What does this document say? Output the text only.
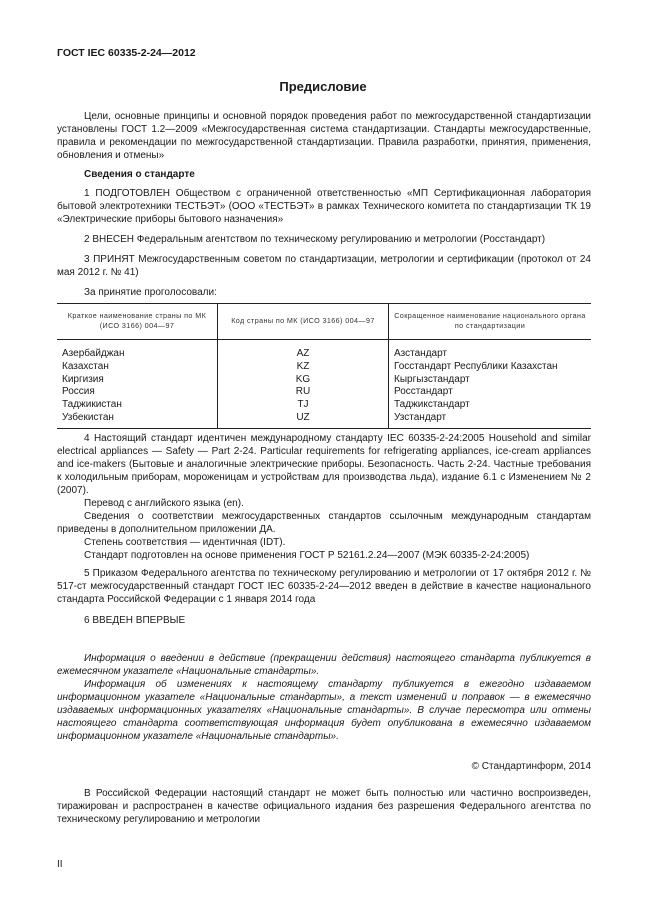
ГОСТ IEC 60335-2-24—2012
Предисловие

Цели, основные принципы и основной порядок проведения работ по межгосударственной стандартизации установлены ГОСТ 1.2—2009 «Межгосударственная система стандартизации. Стандарты межгосударственные, правила и рекомендации по межгосударственной стандартизации. Правила разработки, принятия, применения, обновления и отмены»

Сведения о стандарте

1 ПОДГОТОВЛЕН Обществом с ограниченной ответственностью «МП Сертификационная лаборатория бытовой электротехники ТЕСТБЭТ» (ООО «ТЕСТБЭТ» в рамках Технического комитета по стандартизации ТК 19 «Электрические приборы бытового назначения»

2 ВНЕСЕН Федеральным агентством по техническому регулированию и метрологии (Росстандарт)

3 ПРИНЯТ Межгосударственным советом по стандартизации, метрологии и сертификации (протокол от 24 мая 2012 г. № 41)

За принятие проголосовали:

Краткое наименование страны по МК (ИСО 3166) 004—97	Код страны по МК (ИСО 3166) 004—97	Сокращенное наименование национального органа по стандартизации
Азербайджан	AZ	Азстандарт
Казахстан	KZ	Госстандарт Республики Казахстан
Киргизия	KG	Кыргызстандарт
Россия	RU	Росстандарт
Таджикистан	TJ	Таджикстандарт
Узбекистан	UZ	Узстандарт

4 Настоящий стандарт идентичен международному стандарту IEC 60335-2-24:2005 Household and similar electrical appliances — Safety — Part 2-24. Particular requirements for refrigerating appliances, ice-cream appliances and ice-makers (Бытовые и аналогичные электрические приборы. Безопасность. Часть 2-24. Частные требования к холодильным приборам, мороженицам и устройствам для производства льда), издание 6.1 с Изменением № 2 (2007).

Перевод с английского языка (en).

Сведения о соответствии межгосударственных стандартов ссылочным международным стандартам приведены в дополнительном приложении ДА.

Степень соответствия — идентичная (IDT).

Стандарт подготовлен на основе применения ГОСТ Р 52161.2.24—2007 (МЭК 60335-2-24:2005)

5 Приказом Федерального агентства по техническому регулированию и метрологии от 17 октября 2012 г. № 517-ст межгосударственный стандарт ГОСТ IEC 60335-2-24—2012 введен в действие в качестве национального стандарта Российской Федерации с 1 января 2014 года

6 ВВЕДЕН ВПЕРВЫЕ

Информация о введении в действие (прекращении действия) настоящего стандарта публикуется в ежемесячном указателе «Национальные стандарты».

Информация об изменениях к настоящему стандарту публикуется в ежегодно издаваемом информационном указателе «Национальные стандарты», а текст изменений и поправок — в ежемесячно издаваемых информационных указателях «Национальные стандарты». В случае пересмотра или отмены настоящего стандарта соответствующая информация будет опубликована в ежемесячно издаваемом информационном указателе «Национальные стандарты».

© Стандартинформ, 2014

В Российской Федерации настоящий стандарт не может быть полностью или частично воспроизведен, тиражирован и распространен в качестве официального издания без разрешения Федерального агентства по техническому регулированию и метрологии

II
